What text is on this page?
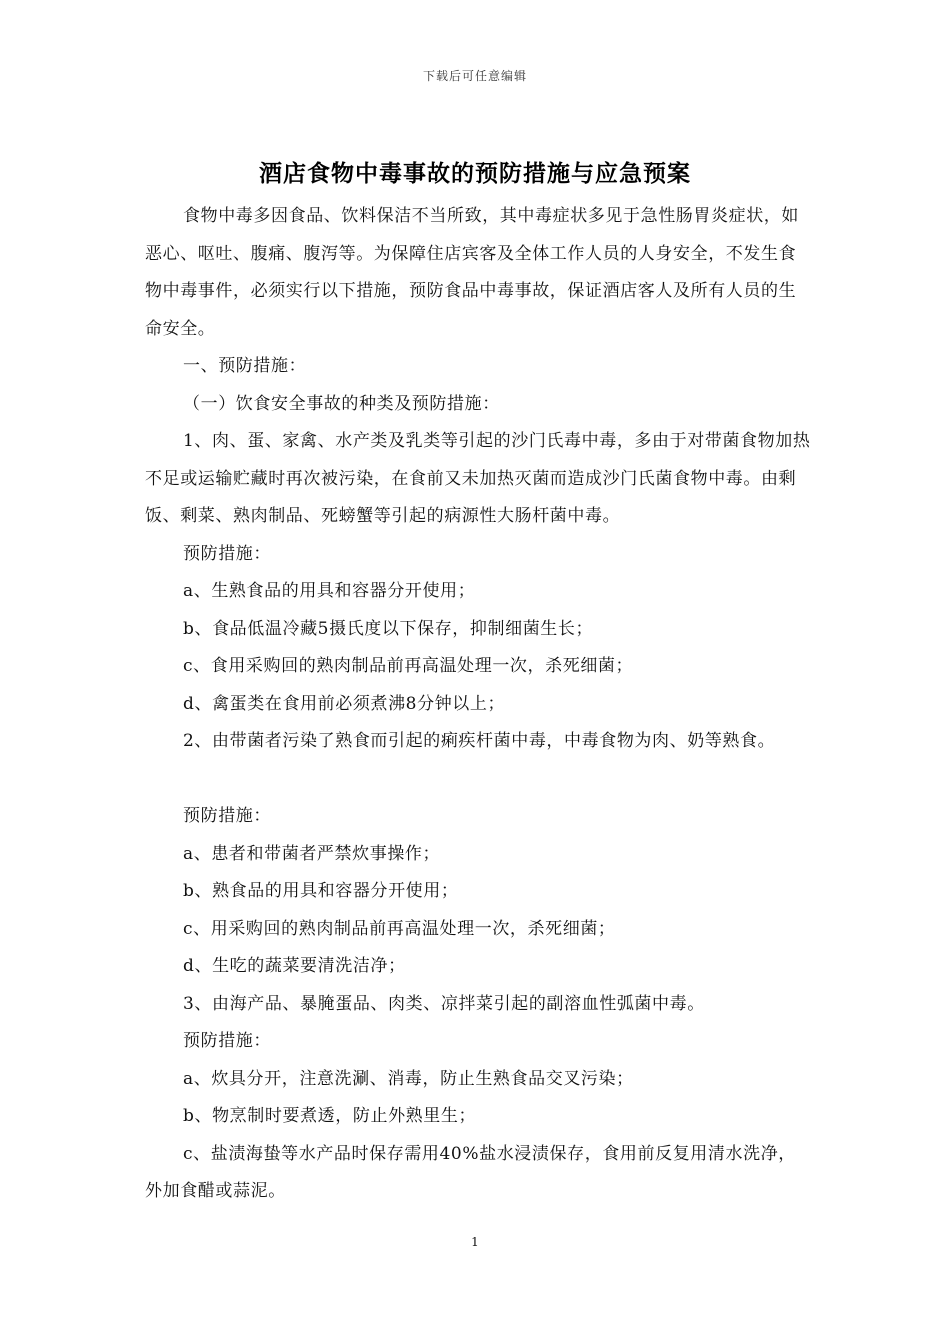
下载后可任意编辑
酒店食物中毒事故的预防措施与应急预案

食物中毒多因食品、饮料保洁不当所致，其中毒症状多见于急性肠胃炎症状，如恶心、呕吐、腹痛、腹泻等。为保障住店宾客及全体工作人员的人身安全，不发生食物中毒事件，必须实行以下措施，预防食品中毒事故，保证酒店客人及所有人员的生命安全。

一、预防措施：

（一）饮食安全事故的种类及预防措施：

1、肉、蛋、家禽、水产类及乳类等引起的沙门氏毒中毒，多由于对带菌食物加热不足或运输贮藏时再次被污染，在食前又未加热灭菌而造成沙门氏菌食物中毒。由剩饭、剩菜、熟肉制品、死螃蟹等引起的病源性大肠杆菌中毒。

预防措施：

a、生熟食品的用具和容器分开使用；

b、食品低温冷藏5摄氏度以下保存，抑制细菌生长；

c、食用采购回的熟肉制品前再高温处理一次，杀死细菌；

d、禽蛋类在食用前必须煮沸8分钟以上；

2、由带菌者污染了熟食而引起的痢疾杆菌中毒，中毒食物为肉、奶等熟食。

预防措施：

a、患者和带菌者严禁炊事操作；

b、熟食品的用具和容器分开使用；

c、用采购回的熟肉制品前再高温处理一次，杀死细菌；

d、生吃的蔬菜要清洗洁净；

3、由海产品、暴腌蛋品、肉类、凉拌菜引起的副溶血性弧菌中毒。

预防措施：

a、炊具分开，注意洗涮、消毒，防止生熟食品交叉污染；

b、物烹制时要煮透，防止外熟里生；

c、盐渍海蛰等水产品时保存需用40%盐水浸渍保存，食用前反复用清水洗净，外加食醋或蒜泥。

1
